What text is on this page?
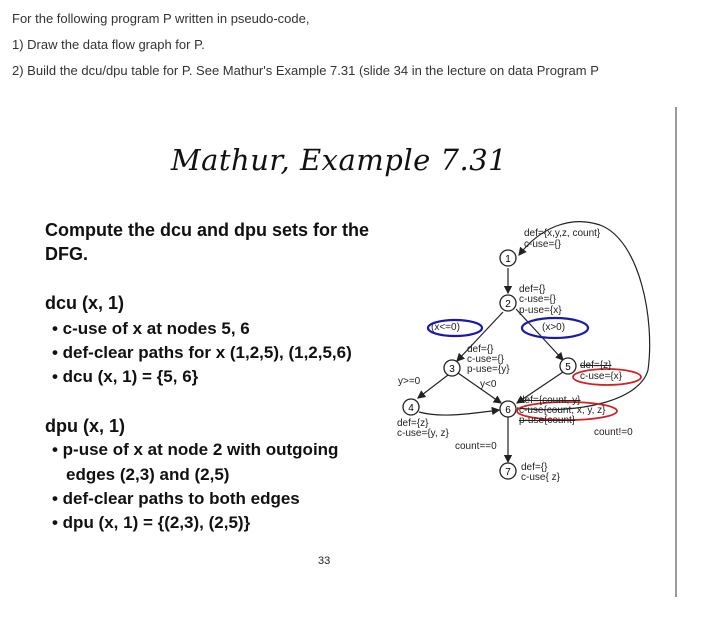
For the following program P written in pseudo-code,
1) Draw the data flow graph for P.
2) Build the dcu/dpu table for P. See Mathur's Example 7.31 (slide 34 in the lecture on data Program P
Mathur, Example 7.31
Compute the dcu and dpu sets for the
DFG.
dcu (x, 1)
• c-use of x at nodes 5, 6
• def-clear paths for x (1,2,5), (1,2,5,6)
• dcu (x, 1) = {5, 6}
dpu (x, 1)
• p-use of x at node 2 with outgoing
edges (2,3) and (2,5)
• def-clear paths to both edges
• dpu (x, 1) = {(2,3), (2,5)}
33
1
2
3
4
5
6
7
def={x,y,z, count}
c-use={}
def={}
c-use={}
p-use={x}
(x<=0)	(x>0)
def={}
c-use={}
p-use={y}	def={z}
c-use={x}
y>=0	y<0
def={count, y}
c-use{count, x, y, z}
p-use{count}
def={z}
c-use={y, z}	count!=0
count==0
def={}
c-use{ z}
